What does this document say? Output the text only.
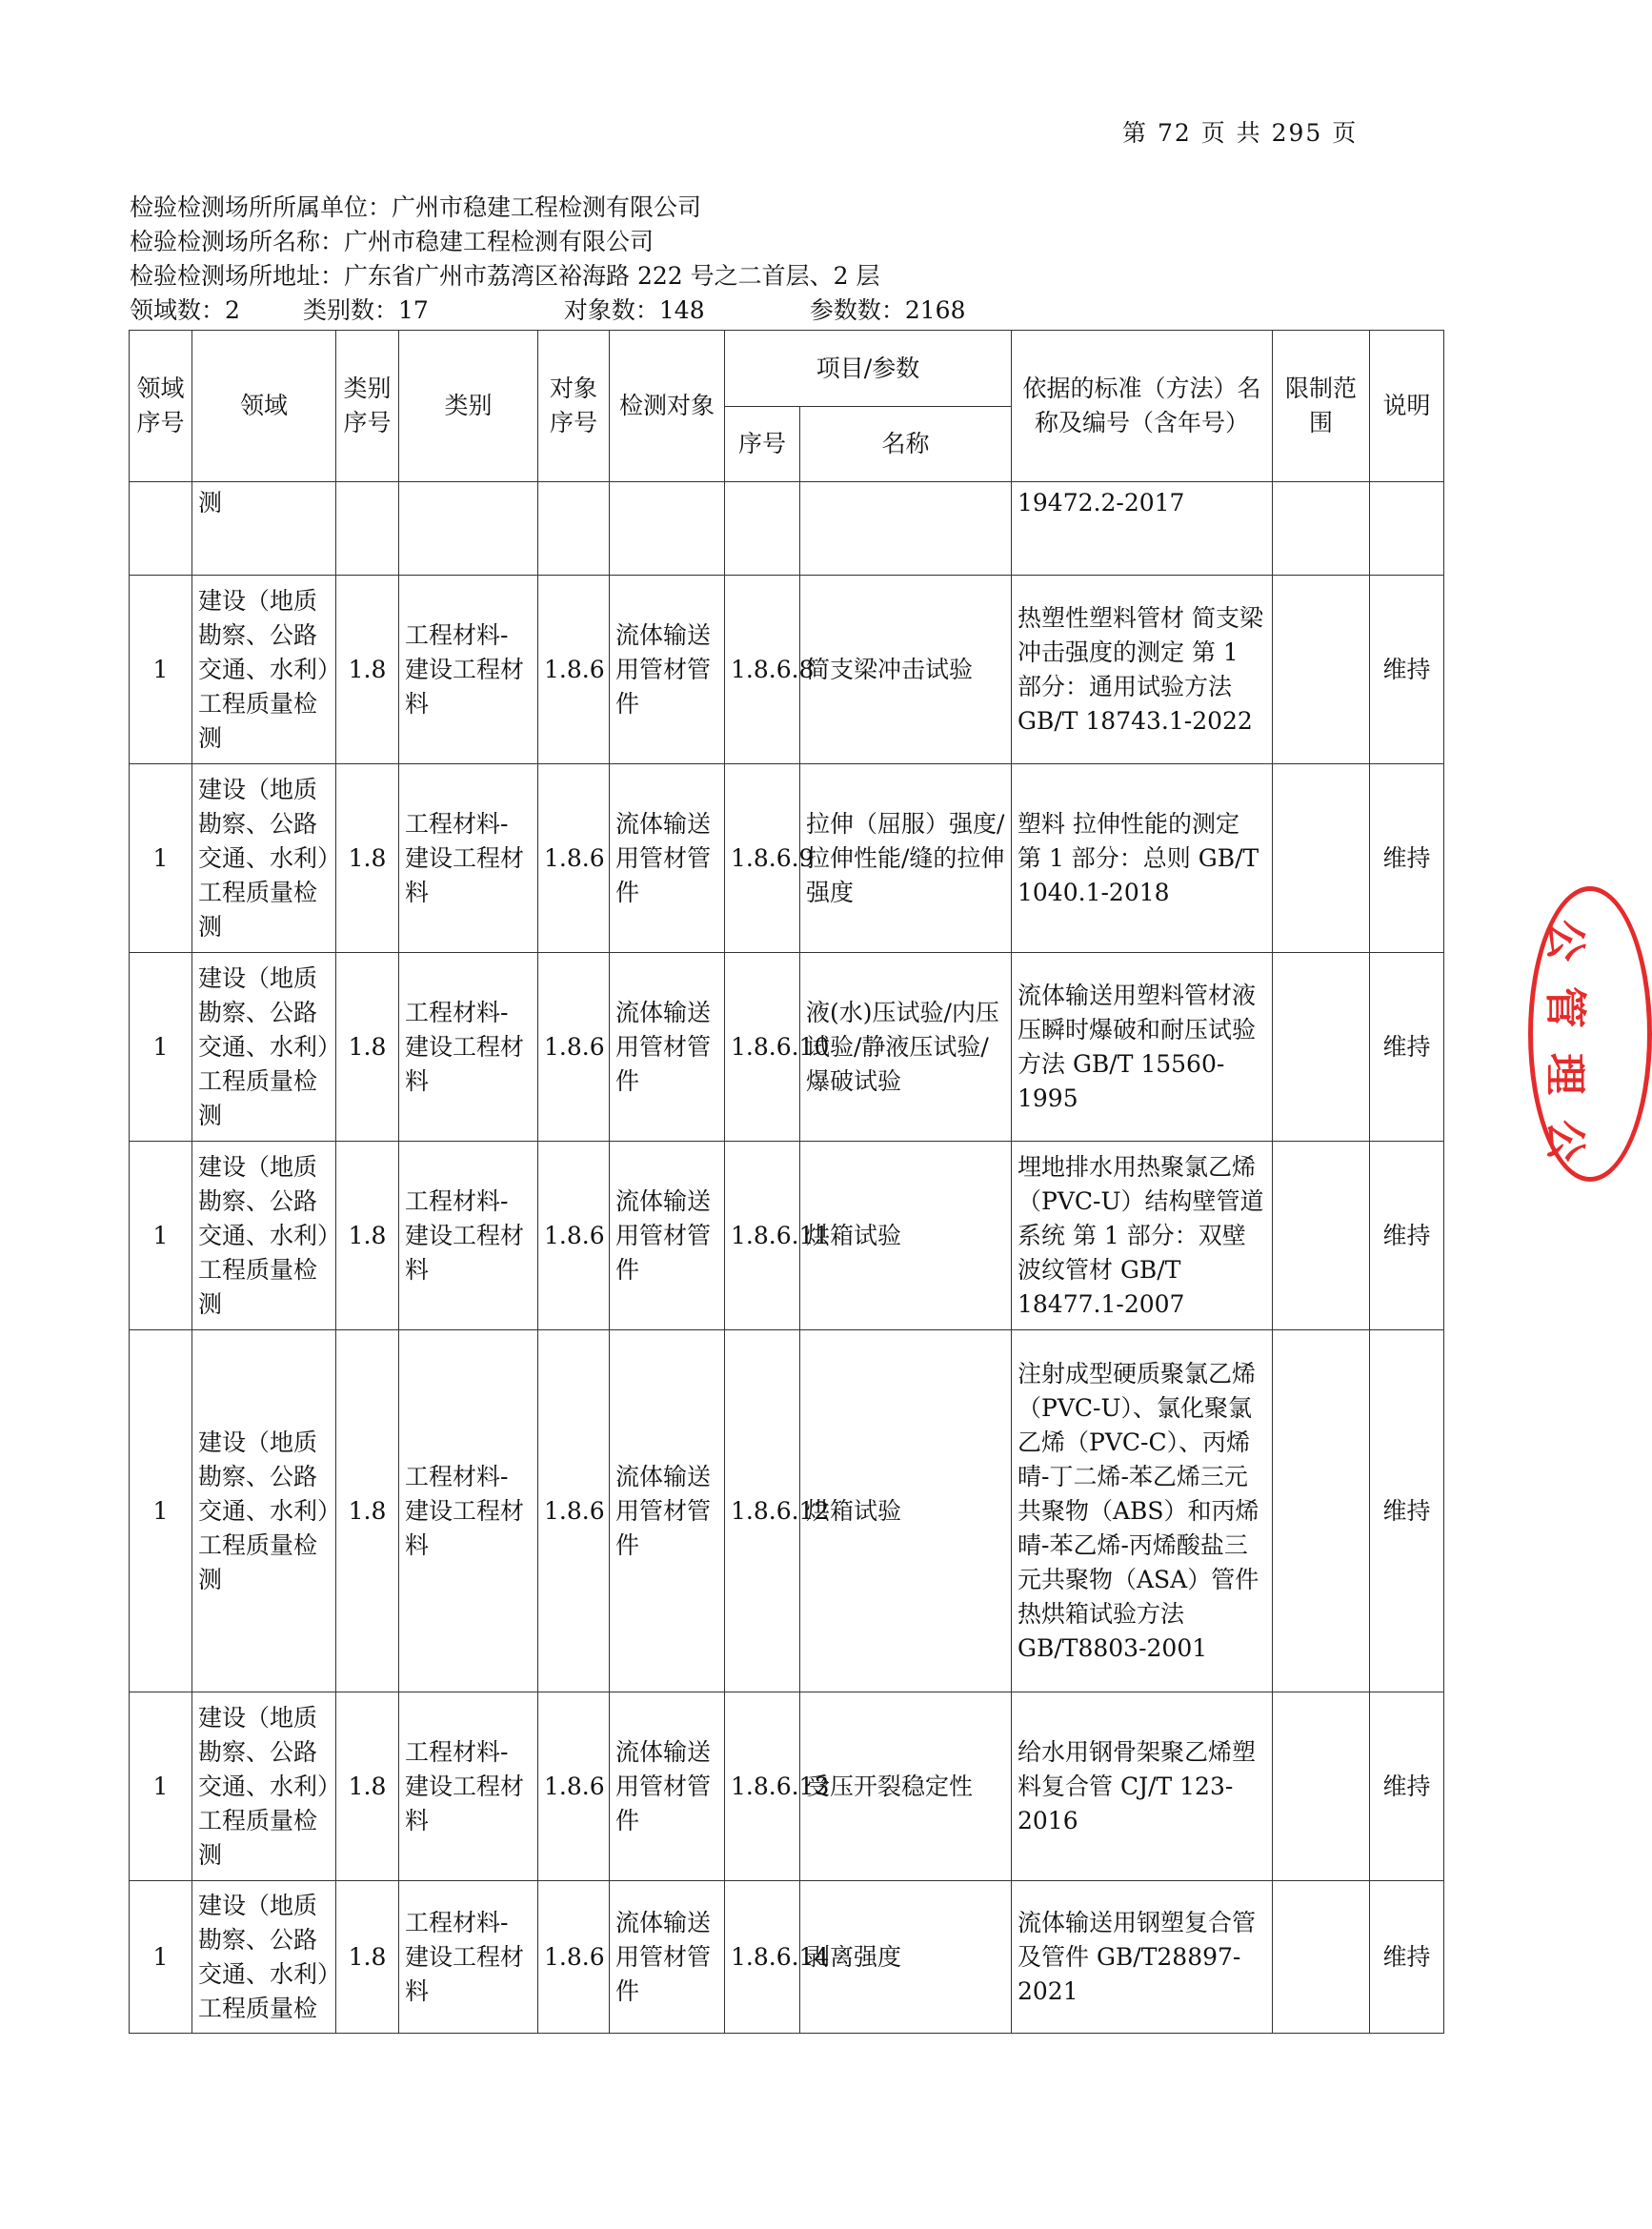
第 72 页 共 295 页
检验检测场所所属单位：广州市稳建工程检测有限公司
检验检测场所名称：广州市稳建工程检测有限公司
检验检测场所地址：广东省广州市荔湾区裕海路 222 号之二首层、2 层
领域数：2	类别数：17	对象数：148	参数数：2168
领域序号	领域	类别序号	类别	对象序号	检测对象	项目/参数		依据的标准（方法）名称及编号（含年号）	限制范围	说明
						序号	名称			
	测							19472.2-2017		
1	建设（地质勘察、公路交通、水利）工程质量检测	1.8	工程材料-建设工程材料	1.8.6	流体输送用管材管件	1.8.6.8	简支梁冲击试验	热塑性塑料管材 简支梁冲击强度的测定 第 1 部分：通用试验方法 GB/T 18743.1-2022		维持
1	建设（地质勘察、公路交通、水利）工程质量检测	1.8	工程材料-建设工程材料	1.8.6	流体输送用管材管件	1.8.6.9	拉伸（屈服）强度/拉伸性能/缝的拉伸强度	塑料 拉伸性能的测定 第 1 部分：总则 GB/T 1040.1-2018		维持
1	建设（地质勘察、公路交通、水利）工程质量检测	1.8	工程材料-建设工程材料	1.8.6	流体输送用管材管件	1.8.6.10	液(水)压试验/内压试验/静液压试验/爆破试验	流体输送用塑料管材液压瞬时爆破和耐压试验方法 GB/T 15560-1995		维持
1	建设（地质勘察、公路交通、水利）工程质量检测	1.8	工程材料-建设工程材料	1.8.6	流体输送用管材管件	1.8.6.11	烘箱试验	埋地排水用热聚氯乙烯（PVC-U）结构壁管道系统 第 1 部分：双壁波纹管材 GB/T 18477.1-2007		维持
1	建设（地质勘察、公路交通、水利）工程质量检测	1.8	工程材料-建设工程材料	1.8.6	流体输送用管材管件	1.8.6.12	烘箱试验	注射成型硬质聚氯乙烯（PVC-U）、氯化聚氯乙烯（PVC-C）、丙烯晴-丁二烯-苯乙烯三元共聚物（ABS）和丙烯晴-苯乙烯-丙烯酸盐三元共聚物（ASA）管件热烘箱试验方法 GB/T8803-2001		维持
1	建设（地质勘察、公路交通、水利）工程质量检测	1.8	工程材料-建设工程材料	1.8.6	流体输送用管材管件	1.8.6.13	受压开裂稳定性	给水用钢骨架聚乙烯塑料复合管 CJ/T 123-2016		维持
1	建设（地质勘察、公路交通、水利）工程质量检	1.8	工程材料-建设工程材料	1.8.6	流体输送用管材管件	1.8.6.14	剥离强度	流体输送用钢塑复合管及管件 GB/T28897-2021		维持
公
管
理
公
